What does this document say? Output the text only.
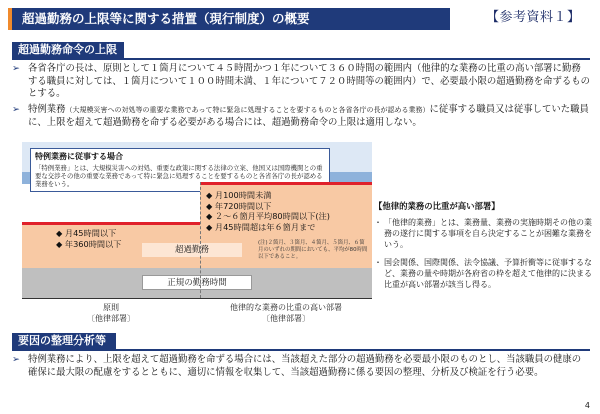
超過勤務の上限等に関する措置（現行制度）の概要	【参考資料１】
超過勤務命令の上限
➢ 各省各庁の長は、原則として１箇月について４５時間かつ１年について３６０時間の範囲内（他律的な業務の比重の高い部署に勤務する職員に対しては、１箇月について１００時間未満、１年について７２０時間等の範囲内）で、必要最小限の超過勤務を命ずるものとする。
➢ 特例業務（大規模災害への対処等の重要な業務であって特に緊急に処理することを要するものと各省各庁の長が認める業務）に従事する職員又は従事していた職員に、上限を超えて超過勤務を命ずる必要がある場合には、超過勤務命令の上限は適用しない。
特例業務に従事する場合
「特例業務」とは、大規模災害への対処、重要な政策に関する法律の立案、他国又は国際機関との重要な交渉その他の重要な業務であって特に緊急に処理することを要するものと各省各庁の長が認める業務をいう。
◆ 月100時間未満
◆ 年720時間以下
◆ ２〜６箇月平均80時間以下(注)
◆ 月45時間超は年６箇月まで
◆ 月45時間以下
◆ 年360時間以下
超過勤務
(注)２箇月、３箇月、４箇月、５箇月、６箇月のいずれの期間においても、平均が80時間以下であること。
正規の勤務時間
原則
〔他律部署〕
他律的な業務の比重の高い部署
〔他律部署〕
【他律的業務の比重が高い部署】
・ 「他律的業務」とは、業務量、業務の実施時期その他の業務の遂行に関する事項を自ら決定することが困難な業務をいう。
・ 国会関係、国際関係、法令協議、予算折衝等に従事するなど、業務の量や時期が各府省の枠を超えて他律的に決まる比重が高い部署が該当し得る。
要因の整理分析等
➢ 特例業務により、上限を超えて超過勤務を命ずる場合には、当該超えた部分の超過勤務を必要最小限のものとし、当該職員の健康の確保に最大限の配慮をするとともに、適切に情報を収集して、当該超過勤務に係る要因の整理、分析及び検証を行う必要。
4
